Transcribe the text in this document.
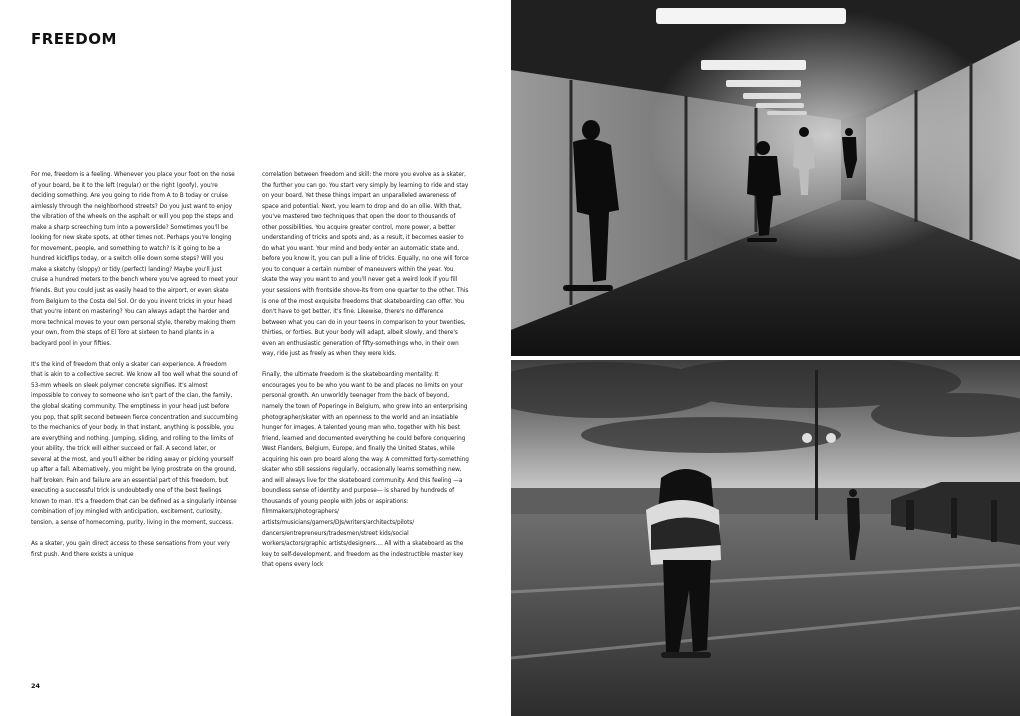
FREEDOM

For me, freedom is a feeling. Whenever you place your foot on the nose of your board, be it to the left (regular) or the right (goofy), you're deciding something. Are you going to ride from A to B today or cruise aimlessly through the neighborhood streets? Do you just want to enjoy the vibration of the wheels on the asphalt or will you pop the steps and make a sharp screeching turn into a powerslide? Sometimes you'll be looking for new skate spots, at other times not. Perhaps you're longing for movement, people, and something to watch? Is it going to be a hundred kickflips today, or a switch ollie down some steps? Will you make a sketchy (sloppy) or tidy (perfect) landing? Maybe you'll just cruise a hundred meters to the bench where you've agreed to meet your friends. But you could just as easily head to the airport, or even skate from Belgium to the Costa del Sol. Or do you invent tricks in your head that you're intent on mastering? You can always adapt the harder and more technical moves to your own personal style, thereby making them your own, from the steps of El Toro at sixteen to hand plants in a backyard pool in your fifties.

It's the kind of freedom that only a skater can experience. A freedom that is akin to a collective secret. We know all too well what the sound of 53-mm wheels on sleek polymer concrete signifies. It's almost impossible to convey to someone who isn't part of the clan, the family, the global skating community. The emptiness in your head just before you pop, that split second between fierce concentration and succumbing to the mechanics of your body. In that instant, anything is possible, you are everything and nothing. Jumping, sliding, and rolling to the limits of your ability, the trick will either succeed or fail. A second later, or several at the most, and you'll either be riding away or picking yourself up after a fall. Alternatively, you might be lying prostrate on the ground, half broken. Pain and failure are an essential part of this freedom, but executing a successful trick is undoubtedly one of the best feelings known to man. It's a freedom that can be defined as a singularly intense combination of joy mingled with anticipation, excitement, curiosity, tension, a sense of homecoming, purity, living in the moment, success.

As a skater, you gain direct access to these sensations from your very first push. And there exists a unique

correlation between freedom and skill: the more you evolve as a skater, the further you can go. You start very simply by learning to ride and stay on your board. Yet these things impart an unparalleled awareness of space and potential. Next, you learn to drop and do an ollie. With that, you've mastered two techniques that open the door to thousands of other possibilities. You acquire greater control, more power, a better understanding of tricks and spots and, as a result, it becomes easier to do what you want. Your mind and body enter an automatic state and, before you know it, you can pull a line of tricks. Equally, no one will force you to conquer a certain number of maneuvers within the year. You skate the way you want to and you'll never get a weird look if you fill your sessions with frontside shove-its from one quarter to the other. This is one of the most exquisite freedoms that skateboarding can offer. You don't have to get better, it's fine. Likewise, there's no difference between what you can do in your teens in comparison to your twenties, thirties, or forties. But your body will adapt, albeit slowly, and there's even an enthusiastic generation of fifty-somethings who, in their own way, ride just as freely as when they were kids.

Finally, the ultimate freedom is the skateboarding mentality. It encourages you to be who you want to be and places no limits on your personal growth. An unworldly teenager from the back of beyond, namely the town of Poperinge in Belgium, who grew into an enterprising photographer/skater with an openness to the world and an insatiable hunger for images. A talented young man who, together with his best friend, learned and documented everything he could before conquering West Flanders, Belgium, Europe, and finally the United States, while acquiring his own pro board along the way. A committed forty-something skater who still sessions regularly, occasionally learns something new, and will always live for the skateboard community. And this feeling —a boundless sense of identity and purpose— is shared by hundreds of thousands of young people with jobs or aspirations: filmmakers/photographers/ artists/musicians/gamers/DJs/writers/architects/pilots/ dancers/entrepreneurs/tradesmen/street kids/social workers/actors/graphic artists/designers.... All with a skateboard as the key to self-development, and freedom as the indestructible master key that opens every lock

24
